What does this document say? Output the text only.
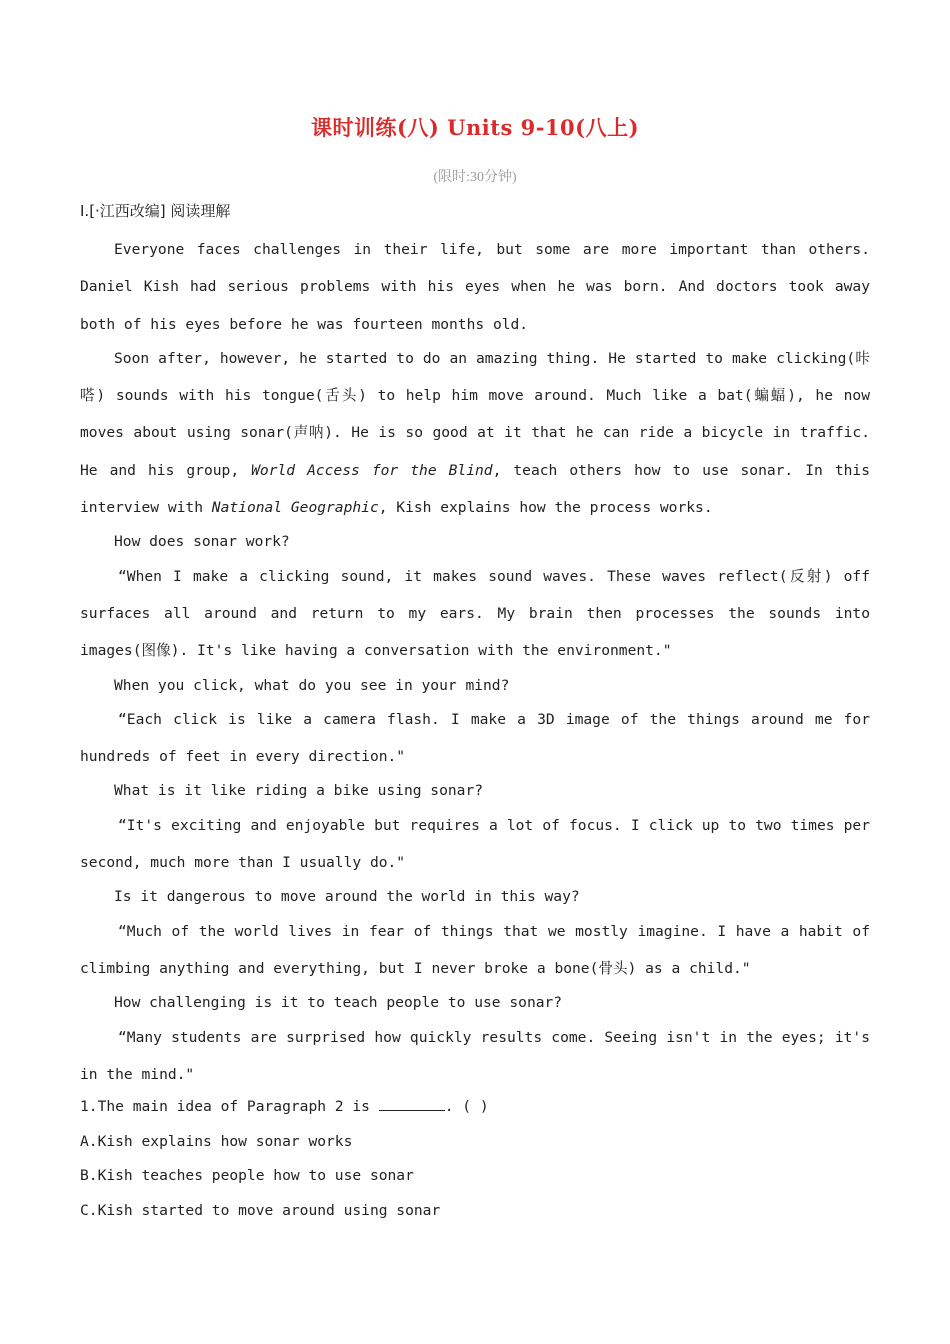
课时训练(八) Units 9-10(八上)
(限时:30分钟)
Ⅰ.[·江西改编] 阅读理解
Everyone faces challenges in their life, but some are more important than others. Daniel Kish had serious problems with his eyes when he was born. And doctors took away both of his eyes before he was fourteen months old.
Soon after, however, he started to do an amazing thing. He started to make clicking(咔嗒) sounds with his tongue(舌头) to help him move around. Much like a bat(蝙蝠), he now moves about using sonar(声呐). He is so good at it that he can ride a bicycle in traffic. He and his group, World Access for the Blind, teach others how to use sonar. In this interview with National Geographic, Kish explains how the process works.
How does sonar work?
“When I make a clicking sound, it makes sound waves. These waves reflect(反射) off surfaces all around and return to my ears. My brain then processes the sounds into images(图像). It's like having a conversation with the environment."
When you click, what do you see in your mind?
“Each click is like a camera flash. I make a 3D image of the things around me for hundreds of feet in every direction."
What is it like riding a bike using sonar?
“It's exciting and enjoyable but requires a lot of focus. I click up to two times per second, much more than I usually do."
Is it dangerous to move around the world in this way?
“Much of the world lives in fear of things that we mostly imagine. I have a habit of climbing anything and everything, but I never broke a bone(骨头) as a child."
How challenging is it to teach people to use sonar?
“Many students are surprised how quickly results come. Seeing isn't in the eyes; it's in the mind."
1.The main idea of Paragraph 2 is	. ( )
A.Kish explains how sonar works
B.Kish teaches people how to use sonar
C.Kish started to move around using sonar
